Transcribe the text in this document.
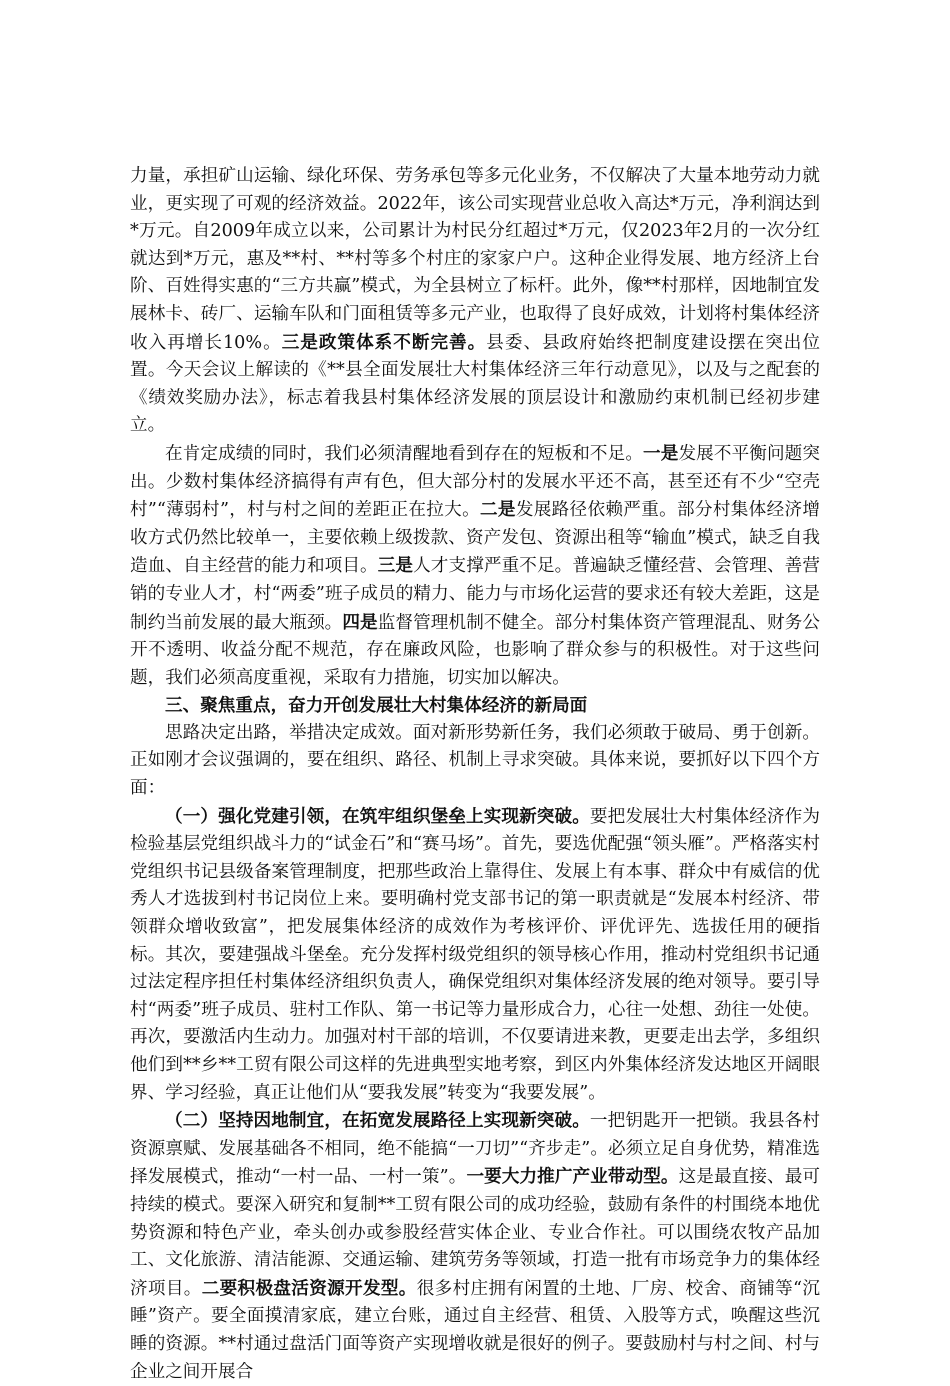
力量，承担矿山运输、绿化环保、劳务承包等多元化业务，不仅解决了大量本地劳动力就业，更实现了可观的经济效益。2022年，该公司实现营业总收入高达*万元，净利润达到*万元。自2009年成立以来，公司累计为村民分红超过*万元，仅2023年2月的一次分红就达到*万元，惠及**村、**村等多个村庄的家家户户。这种企业得发展、地方经济上台阶、百姓得实惠的“三方共赢”模式，为全县树立了标杆。此外，像**村那样，因地制宜发展林卡、砖厂、运输车队和门面租赁等多元产业，也取得了良好成效，计划将村集体经济收入再增长10%。三是政策体系不断完善。县委、县政府始终把制度建设摆在突出位置。今天会议上解读的《**县全面发展壮大村集体经济三年行动意见》，以及与之配套的《绩效奖励办法》，标志着我县村集体经济发展的顶层设计和激励约束机制已经初步建立。

在肯定成绩的同时，我们必须清醒地看到存在的短板和不足。一是发展不平衡问题突出。少数村集体经济搞得有声有色，但大部分村的发展水平还不高，甚至还有不少“空壳村”“薄弱村”，村与村之间的差距正在拉大。二是发展路径依赖严重。部分村集体经济增收方式仍然比较单一，主要依赖上级拨款、资产发包、资源出租等“输血”模式，缺乏自我造血、自主经营的能力和项目。三是人才支撑严重不足。普遍缺乏懂经营、会管理、善营销的专业人才，村“两委”班子成员的精力、能力与市场化运营的要求还有较大差距，这是制约当前发展的最大瓶颈。四是监督管理机制不健全。部分村集体资产管理混乱、财务公开不透明、收益分配不规范，存在廉政风险，也影响了群众参与的积极性。对于这些问题，我们必须高度重视，采取有力措施，切实加以解决。

三、聚焦重点，奋力开创发展壮大村集体经济的新局面

思路决定出路，举措决定成效。面对新形势新任务，我们必须敢于破局、勇于创新。正如刚才会议强调的，要在组织、路径、机制上寻求突破。具体来说，要抓好以下四个方面：

（一）强化党建引领，在筑牢组织堡垒上实现新突破。要把发展壮大村集体经济作为检验基层党组织战斗力的“试金石”和“赛马场”。首先，要选优配强“领头雁”。严格落实村党组织书记县级备案管理制度，把那些政治上靠得住、发展上有本事、群众中有威信的优秀人才选拔到村书记岗位上来。要明确村党支部书记的第一职责就是“发展本村经济、带领群众增收致富”，把发展集体经济的成效作为考核评价、评优评先、选拔任用的硬指标。其次，要建强战斗堡垒。充分发挥村级党组织的领导核心作用，推动村党组织书记通过法定程序担任村集体经济组织负责人，确保党组织对集体经济发展的绝对领导。要引导村“两委”班子成员、驻村工作队、第一书记等力量形成合力，心往一处想、劲往一处使。再次，要激活内生动力。加强对村干部的培训，不仅要请进来教，更要走出去学，多组织他们到**乡**工贸有限公司这样的先进典型实地考察，到区内外集体经济发达地区开阔眼界、学习经验，真正让他们从“要我发展”转变为“我要发展”。

（二）坚持因地制宜，在拓宽发展路径上实现新突破。一把钥匙开一把锁。我县各村资源禀赋、发展基础各不相同，绝不能搞“一刀切”“齐步走”。必须立足自身优势，精准选择发展模式，推动“一村一品、一村一策”。一要大力推广产业带动型。这是最直接、最可持续的模式。要深入研究和复制**工贸有限公司的成功经验，鼓励有条件的村围绕本地优势资源和特色产业，牵头创办或参股经营实体企业、专业合作社。可以围绕农牧产品加工、文化旅游、清洁能源、交通运输、建筑劳务等领域，打造一批有市场竞争力的集体经济项目。二要积极盘活资源开发型。很多村庄拥有闲置的土地、厂房、校舍、商铺等“沉睡”资产。要全面摸清家底，建立台账，通过自主经营、租赁、入股等方式，唤醒这些沉睡的资源。**村通过盘活门面等资产实现增收就是很好的例子。要鼓励村与村之间、村与企业之间开展合
